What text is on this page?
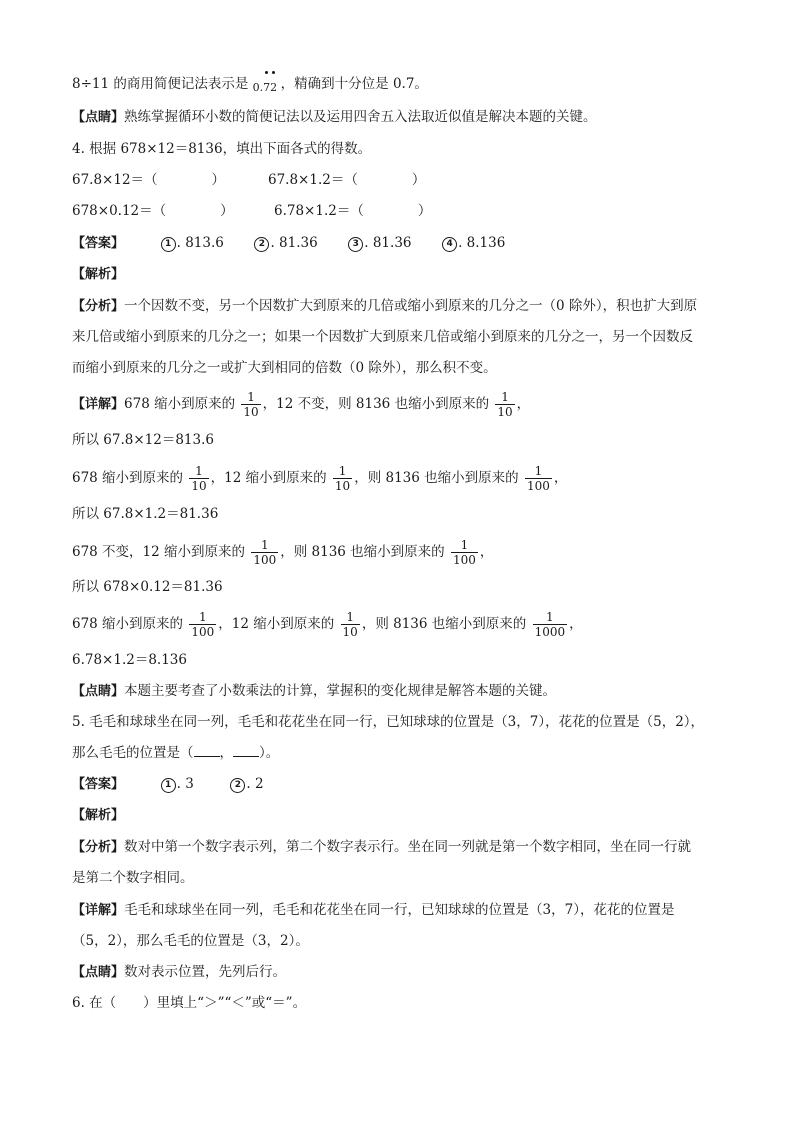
8÷11 的商用简便记法表示是 $_{0. 7 2}$ ，精确到十分位是 0.7。
【点睛】熟练掌握循环小数的简便记法以及运用四舍五入法取近似值是解决本题的关键。
4. 根据 678×12＝8136，填出下面各式的得数。
67.8×12＝（　　　　）	67.8×1.2＝（　　　　）
678×0.12＝（　　　　）	6.78×1.2＝（　　　　）
【答案】	1 . 813.6	2 . 81.36	3 . 81.36	4 . 8.136
【解析】
【分析】一个因数不变，另一个因数扩大到原来的几倍或缩小到原来的几分之一（0 除外），积也扩大到原
来几倍或缩小到原来的几分之一；如果一个因数扩大到原来几倍或缩小到原来的几分之一，另一个因数反
而缩小到原来的几分之一或扩大到相同的倍数（0 除外），那么积不变。
【详解】678 缩小到原来的 $\frac{1}{10}$ ，12 不变，则 8136 也缩小到原来的 $\frac{1}{10}$ ，
所以 67.8×12＝813.6
678 缩小到原来的 $\frac{1}{10}$ ，12 缩小到原来的 $\frac{1}{10}$ ，则 8136 也缩小到原来的 $\frac{1}{100}$ ，
所以 67.8×1.2＝81.36
678 不变，12 缩小到原来的 $\frac{1}{100}$ ，则 8136 也缩小到原来的 $\frac{1}{100}$ ，
所以 678×0.12＝81.36
678 缩小到原来的 $\frac{1}{100}$ ，12 缩小到原来的 $\frac{1}{10}$ ，则 8136 也缩小到原来的 $\frac{1}{1000}$ ，
6.78×1.2＝8.136
【点睛】本题主要考查了小数乘法的计算，掌握积的变化规律是解答本题的关键。
5. 毛毛和球球坐在同一列，毛毛和花花坐在同一行，已知球球的位置是（3，7），花花的位置是（5，2），
那么毛毛的位置是（ ， ）。
【答案】	1 . 3	2 . 2
【解析】
【分析】数对中第一个数字表示列，第二个数字表示行。坐在同一列就是第一个数字相同，坐在同一行就
是第二个数字相同。
【详解】毛毛和球球坐在同一列，毛毛和花花坐在同一行，已知球球的位置是（3，7），花花的位置是
（5，2），那么毛毛的位置是（3，2）。
【点睛】数对表示位置，先列后行。
6. 在（　　）里填上“＞”“＜”或“＝”。
